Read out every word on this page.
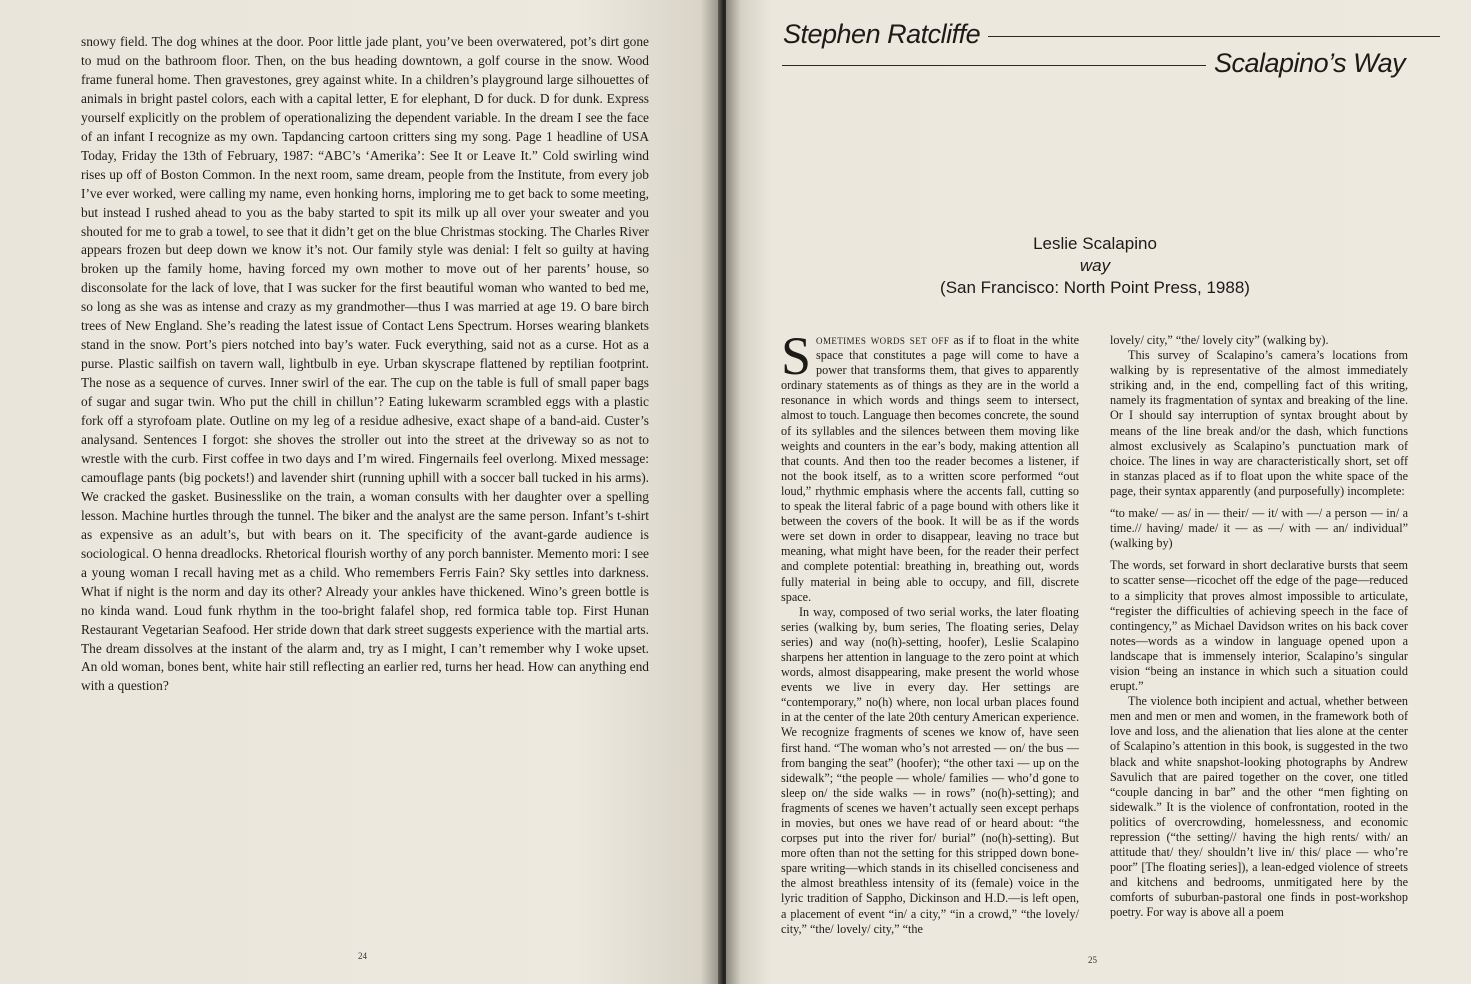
snowy field. The dog whines at the door. Poor little jade plant, you’ve been overwatered, pot’s dirt gone to mud on the bathroom floor. Then, on the bus heading downtown, a golf course in the snow. Wood frame funeral home. Then gravestones, grey against white. In a children’s playground large silhouettes of animals in bright pastel colors, each with a capital letter, E for elephant, D for duck. D for dunk. Express yourself explicitly on the problem of operationalizing the dependent variable. In the dream I see the face of an infant I recognize as my own. Tapdancing cartoon critters sing my song. Page 1 headline of USA Today, Friday the 13th of February, 1987: “ABC’s ‘Amerika’: See It or Leave It.” Cold swirling wind rises up off of Boston Common. In the next room, same dream, people from the Institute, from every job I’ve ever worked, were calling my name, even honking horns, imploring me to get back to some meeting, but instead I rushed ahead to you as the baby started to spit its milk up all over your sweater and you shouted for me to grab a towel, to see that it didn’t get on the blue Christmas stocking. The Charles River appears frozen but deep down we know it’s not. Our family style was denial: I felt so guilty at having broken up the family home, having forced my own mother to move out of her parents’ house, so disconsolate for the lack of love, that I was sucker for the first beautiful woman who wanted to bed me, so long as she was as intense and crazy as my grandmother—thus I was married at age 19. O bare birch trees of New England. She’s reading the latest issue of Contact Lens Spectrum. Horses wearing blankets stand in the snow. Port’s piers notched into bay’s water. Fuck everything, said not as a curse. Hot as a purse. Plastic sailfish on tavern wall, lightbulb in eye. Urban skyscrape flattened by reptilian footprint. The nose as a sequence of curves. Inner swirl of the ear. The cup on the table is full of small paper bags of sugar and sugar twin. Who put the chill in chillun’? Eating lukewarm scrambled eggs with a plastic fork off a styrofoam plate. Outline on my leg of a residue adhesive, exact shape of a band-aid. Custer’s analysand. Sentences I forgot: she shoves the stroller out into the street at the driveway so as not to wrestle with the curb. First coffee in two days and I’m wired. Fingernails feel overlong. Mixed message: camouflage pants (big pockets!) and lavender shirt (running uphill with a soccer ball tucked in his arms). We cracked the gasket. Businesslike on the train, a woman consults with her daughter over a spelling lesson. Machine hurtles through the tunnel. The biker and the analyst are the same person. Infant’s t-shirt as expensive as an adult’s, but with bears on it. The specificity of the avant-garde audience is sociological. O henna dreadlocks. Rhetorical flourish worthy of any porch bannister. Memento mori: I see a young woman I recall having met as a child. Who remembers Ferris Fain? Sky settles into darkness. What if night is the norm and day its other? Already your ankles have thickened. Wino’s green bottle is no kinda wand. Loud funk rhythm in the too-bright falafel shop, red formica table top. First Hunan Restaurant Vegetarian Seafood. Her stride down that dark street suggests experience with the martial arts. The dream dissolves at the instant of the alarm and, try as I might, I can’t remember why I woke upset. An old woman, bones bent, white hair still reflecting an earlier red, turns her head. How can anything end with a question?

24
Stephen Ratcliffe
Scalapino’s Way
Leslie Scalapino
way
(San Francisco: North Point Press, 1988)

Sometimes words set off as if to float in the white space that constitutes a page will come to have a power that transforms them, that gives to apparently ordinary statements as of things as they are in the world a resonance in which words and things seem to intersect, almost to touch. Language then becomes concrete, the sound of its syllables and the silences between them moving like weights and counters in the ear’s body, making attention all that counts. And then too the reader becomes a listener, if not the book itself, as to a written score performed “out loud,” rhythmic emphasis where the accents fall, cutting so to speak the literal fabric of a page bound with others like it between the covers of the book. It will be as if the words were set down in order to disappear, leaving no trace but meaning, what might have been, for the reader their perfect and complete potential: breathing in, breathing out, words fully material in being able to occupy, and fill, discrete space.

In way, composed of two serial works, the later floating series (walking by, bum series, The floating series, Delay series) and way (no(h)-setting, hoofer), Leslie Scalapino sharpens her attention in language to the zero point at which words, almost disappearing, make present the world whose events we live in every day. Her settings are “contemporary,” no(h) where, non local urban places found in at the center of the late 20th century American experience. We recognize fragments of scenes we know of, have seen first hand. “The woman who’s not arrested — on/ the bus — from banging the seat” (hoofer); “the other taxi — up on the sidewalk”; “the people — whole/ families — who’d gone to sleep on/ the side walks — in rows” (no(h)-setting); and fragments of scenes we haven’t actually seen except perhaps in movies, but ones we have read of or heard about: “the corpses put into the river for/ burial” (no(h)-setting). But more often than not the setting for this stripped down bone-spare writing—which stands in its chiselled conciseness and the almost breathless intensity of its (female) voice in the lyric tradition of Sappho, Dickinson and H.D.—is left open, a placement of event “in/ a city,” “in a crowd,” “the lovely/ city,” “the/ lovely/ city,” “the

lovely/ city,” “the/ lovely city” (walking by).

This survey of Scalapino’s camera’s locations from walking by is representative of the almost immediately striking and, in the end, compelling fact of this writing, namely its fragmentation of syntax and breaking of the line. Or I should say interruption of syntax brought about by means of the line break and/or the dash, which functions almost exclusively as Scalapino’s punctuation mark of choice. The lines in way are characteristically short, set off in stanzas placed as if to float upon the white space of the page, their syntax apparently (and purposefully) incomplete:

“to make/ — as/ in — their/ — it/ with —/ a person — in/ a time.// having/ made/ it — as —/ with — an/ individual” (walking by)

The words, set forward in short declarative bursts that seem to scatter sense—ricochet off the edge of the page—reduced to a simplicity that proves almost impossible to articulate, “register the difficulties of achieving speech in the face of contingency,” as Michael Davidson writes on his back cover notes—words as a window in language opened upon a landscape that is immensely interior, Scalapino’s singular vision “being an instance in which such a situation could erupt.”

The violence both incipient and actual, whether between men and men or men and women, in the framework both of love and loss, and the alienation that lies alone at the center of Scalapino’s attention in this book, is suggested in the two black and white snapshot-looking photographs by Andrew Savulich that are paired together on the cover, one titled “couple dancing in bar” and the other “men fighting on sidewalk.” It is the violence of confrontation, rooted in the politics of overcrowding, homelessness, and economic repression (“the setting// having the high rents/ with/ an attitude that/ they/ shouldn’t live in/ this/ place — who’re poor” [The floating series]), a lean-edged violence of streets and kitchens and bedrooms, unmitigated here by the comforts of suburban-pastoral one finds in post-workshop poetry. For way is above all a poem

25
